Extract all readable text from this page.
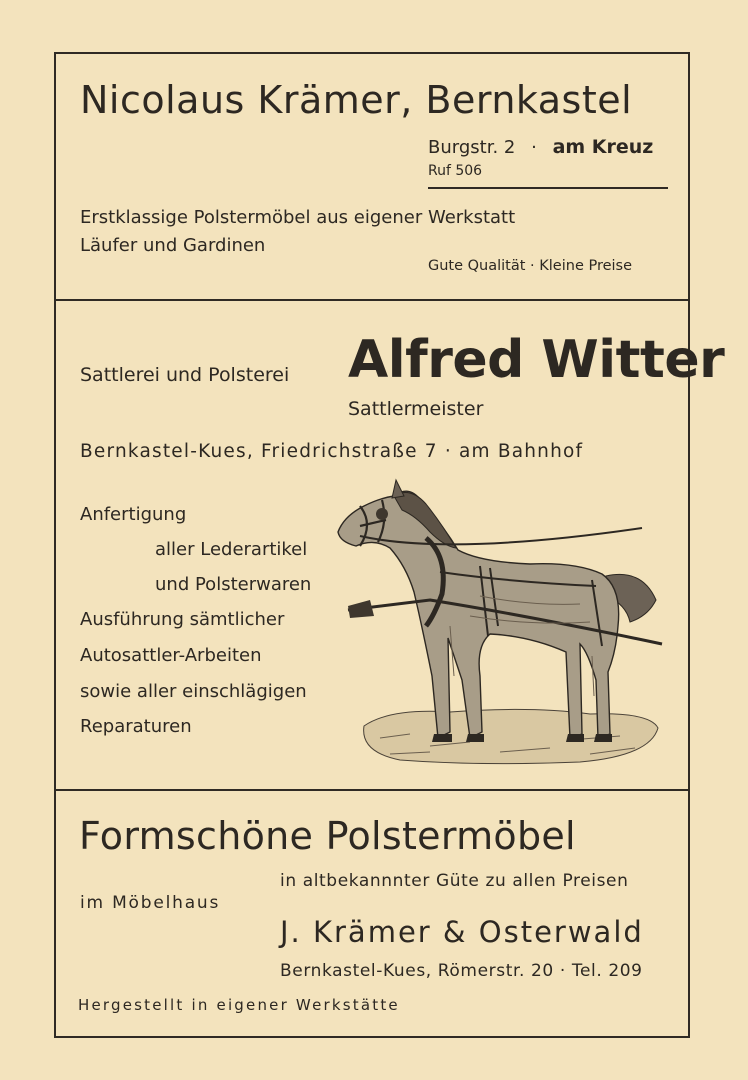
Nicolaus Krämer, Bernkastel
Burgstr. 2 · am Kreuz
Ruf 506
Erstklassige Polstermöbel aus eigener Werkstatt
Läufer und Gardinen
Gute Qualität · Kleine Preise
Sattlerei und Polsterei Alfred Witter
Sattlermeister
Bernkastel-Kues, Friedrichstraße 7 · am Bahnhof
Anfertigung
aller Lederartikel
und Polsterwaren
Ausführung sämtlicher
Autosattler-Arbeiten
sowie aller einschlägigen
Reparaturen
Formschöne Polstermöbel
in altbekannnter Güte zu allen Preisen
im Möbelhaus
J. Krämer & Osterwald
Bernkastel-Kues, Römerstr. 20 · Tel. 209
Hergestellt in eigener Werkstätte
